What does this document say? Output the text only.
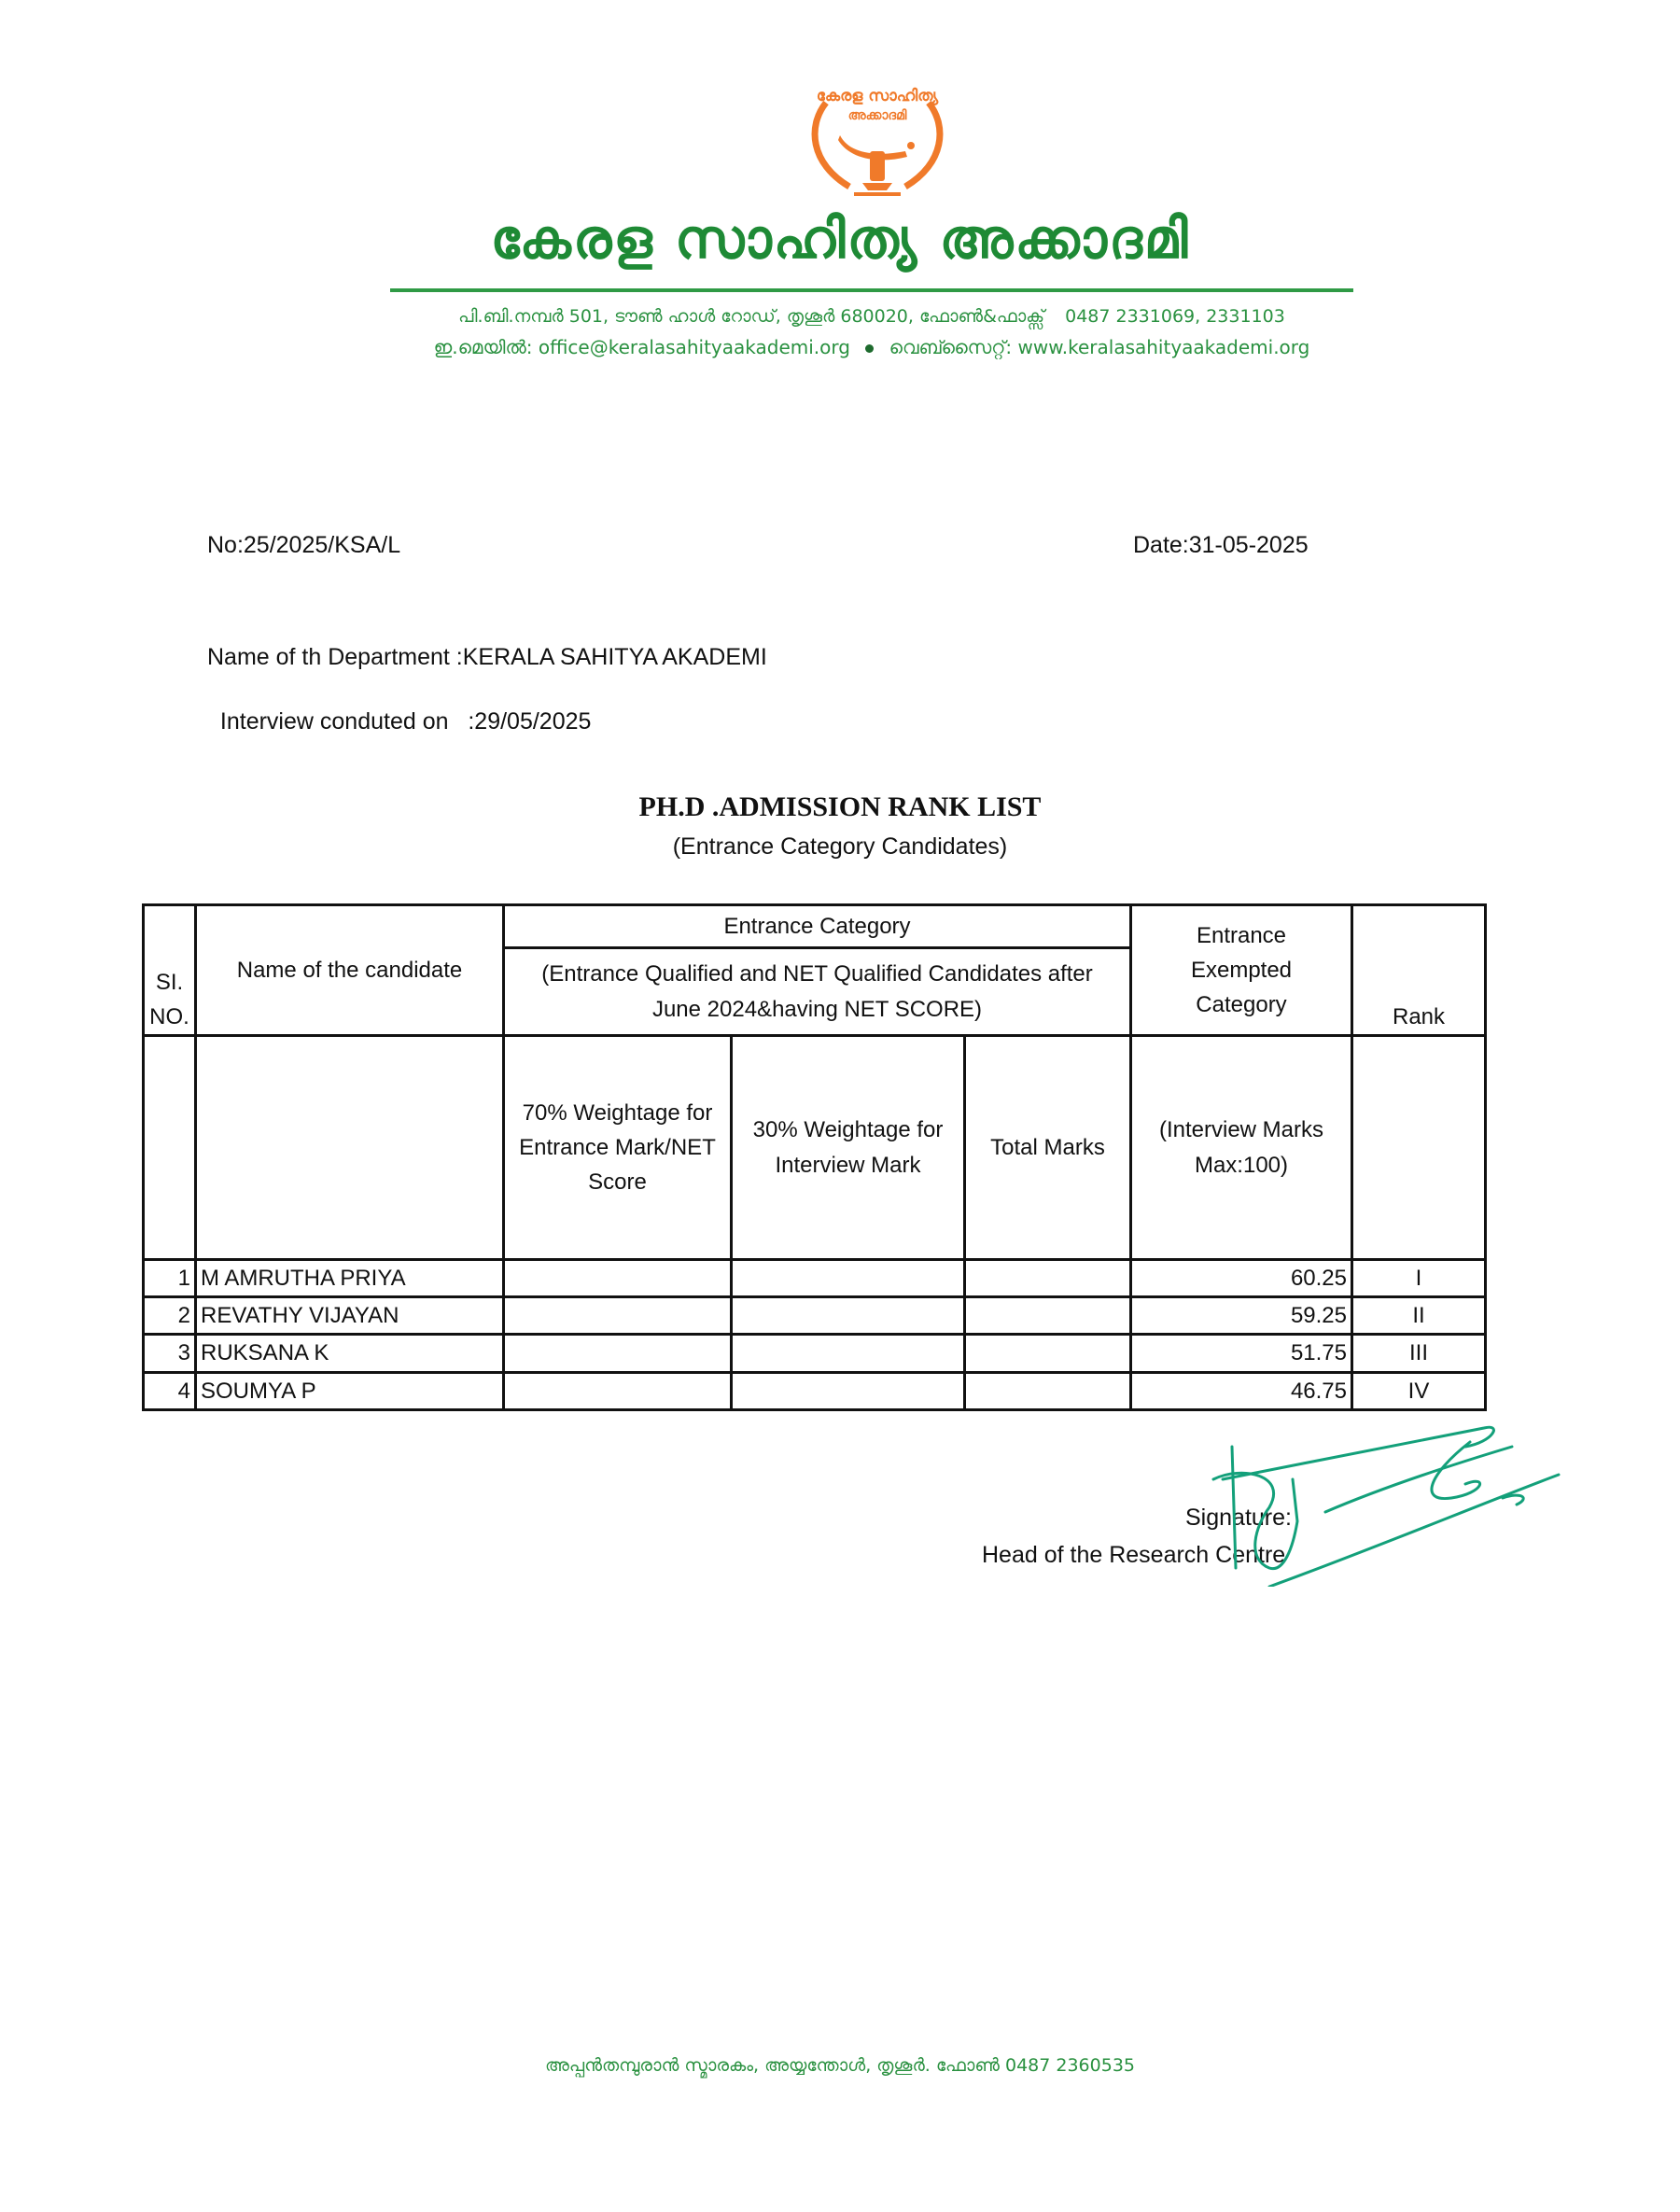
കേരള സാഹിത്യ
അക്കാദമി
കേരള സാഹിത്യ അക്കാദമി
പി.ബി.നമ്പർ 501, ടൗൺ ഹാൾ റോഡ്, തൃശൂർ 680020, ഫോൺ&ഫാക്സ് 0487 2331069, 2331103
ഇ.മെയിൽ: office@keralasahityaakademi.org വെബ്സൈറ്റ്: www.keralasahityaakademi.org
No:25/2025/KSA/L	Date:31-05-2025
Name of th Department :KERALA SAHITYA AKADEMI

Interview conduted on   :29/05/2025

PH.D .ADMISSION RANK LIST
(Entrance Category Candidates)
SI.NO.	Name of the candidate	Entrance Category			Entrance Exempted Category	Rank
		(Entrance Qualified and NET Qualified Candidates after June 2024&having NET SCORE)				
		70% Weightage for Entrance Mark/NET Score	30% Weightage for Interview Mark	Total Marks	(Interview Marks Max:100)	
1	M AMRUTHA PRIYA				60.25	I
2	REVATHY VIJAYAN				59.25	II
3	RUKSANA K				51.75	III
4	SOUMYA P				46.75	IV
Signature:
Head of the Research Centre
അപ്പൻതമ്പുരാൻ സ്മാരകം, അയ്യന്തോൾ, തൃശൂർ. ഫോൺ 0487 2360535
